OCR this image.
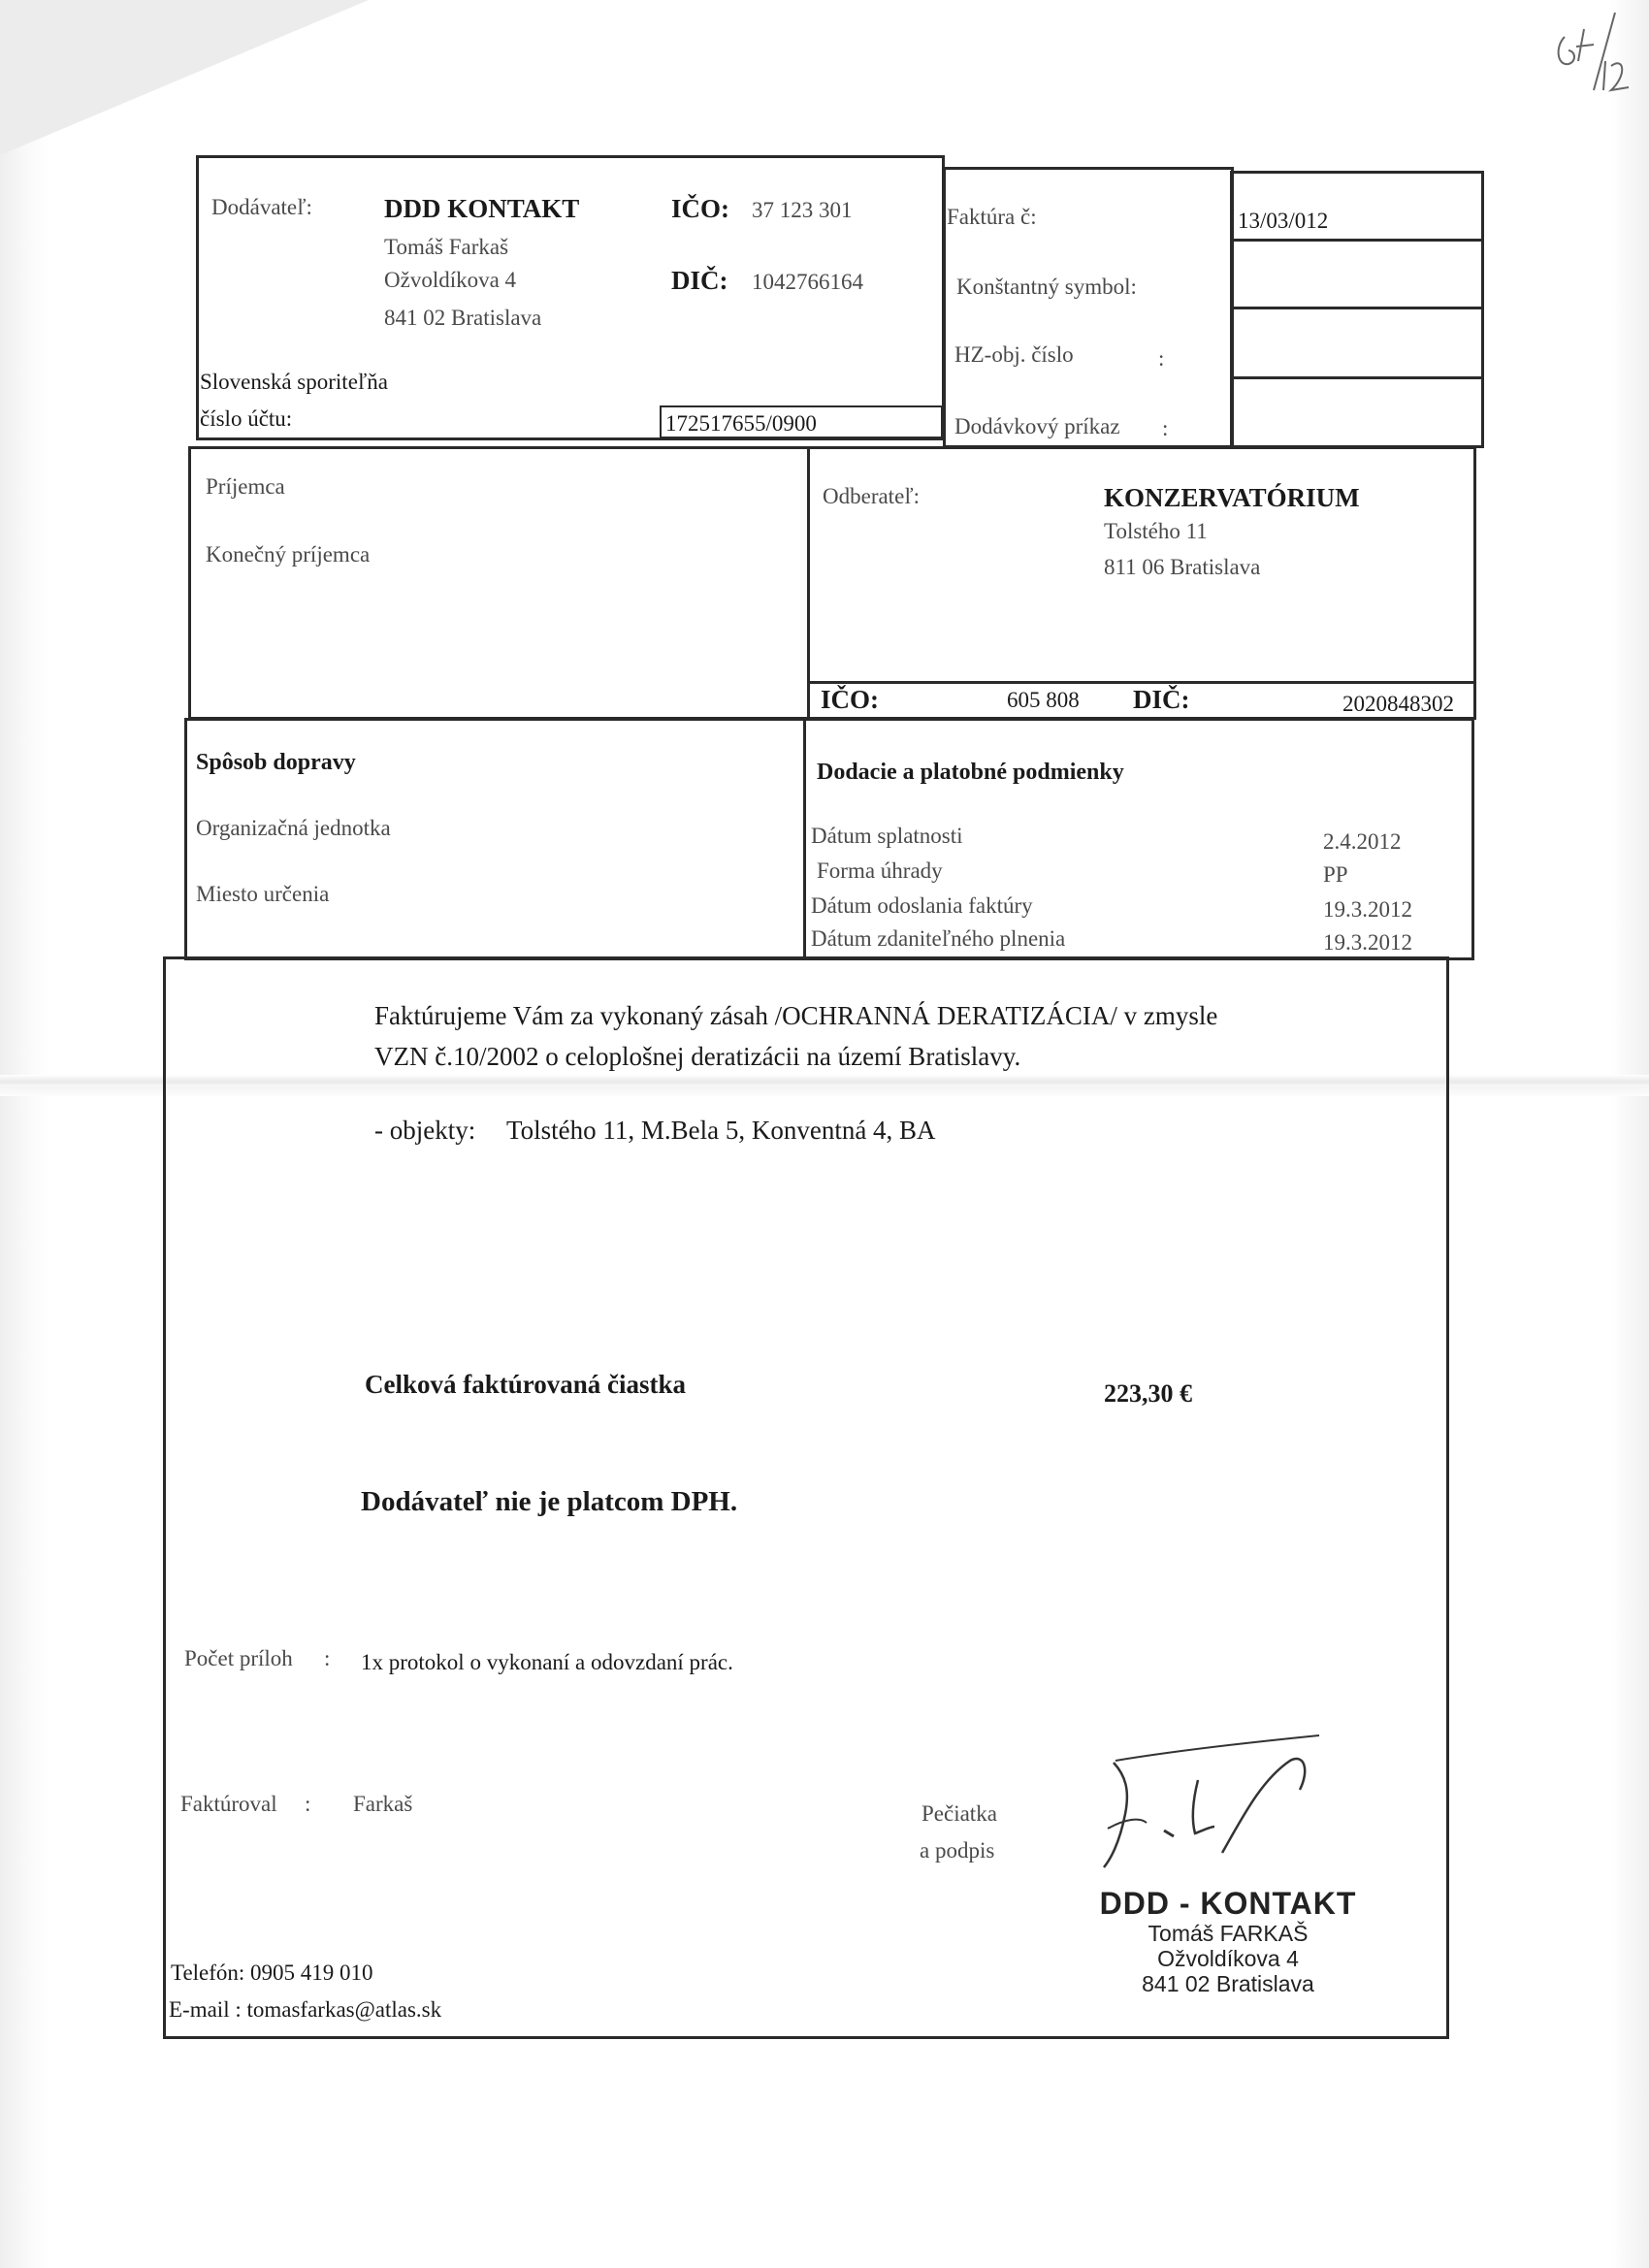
Dodávateľ:	DDD KONTAKT
Tomáš Farkaš
Ožvoldíkova 4
841 02 Bratislava
Slovenská sporiteľňa
číslo účtu:	172517655/0900
IČO: 37 123 301
DIČ: 1042766164
Faktúra č:	13/03/012
Konštantný symbol:
HZ-obj. číslo	:
Dodávkový príkaz :
Príjemca
Konečný príjemca
Odberateľ:	KONZERVATÓRIUM
Tolstého 11
811 06 Bratislava
IČO:	605 808 DIČ:	2020848302
Spôsob dopravy
Organizačná jednotka
Miesto určenia
Dodacie a platobné podmienky
Dátum splatnosti	2.4.2012
Forma úhrady	PP
Dátum odoslania faktúry	19.3.2012
Dátum zdaniteľného plnenia	19.3.2012
Faktúrujeme Vám za vykonaný zásah /OCHRANNÁ DERATIZÁCIA/ v zmysle
VZN č.10/2002 o celoplošnej deratizácii na území Bratislavy.
- objekty: Tolstého 11, M.Bela 5, Konventná 4, BA
Celková faktúrovaná čiastka	223,30 €
Dodávateľ nie je platcom DPH.
Počet príloh : 1x protokol o vykonaní a odovzdaní prác.
Faktúroval : Farkaš	Pečiatka
a podpis
DDD - KONTAKT
Tomáš FARKAŠ
Ožvoldíkova 4
841 02 Bratislava
Telefón: 0905 419 010
E-mail : tomasfarkas@atlas.sk
